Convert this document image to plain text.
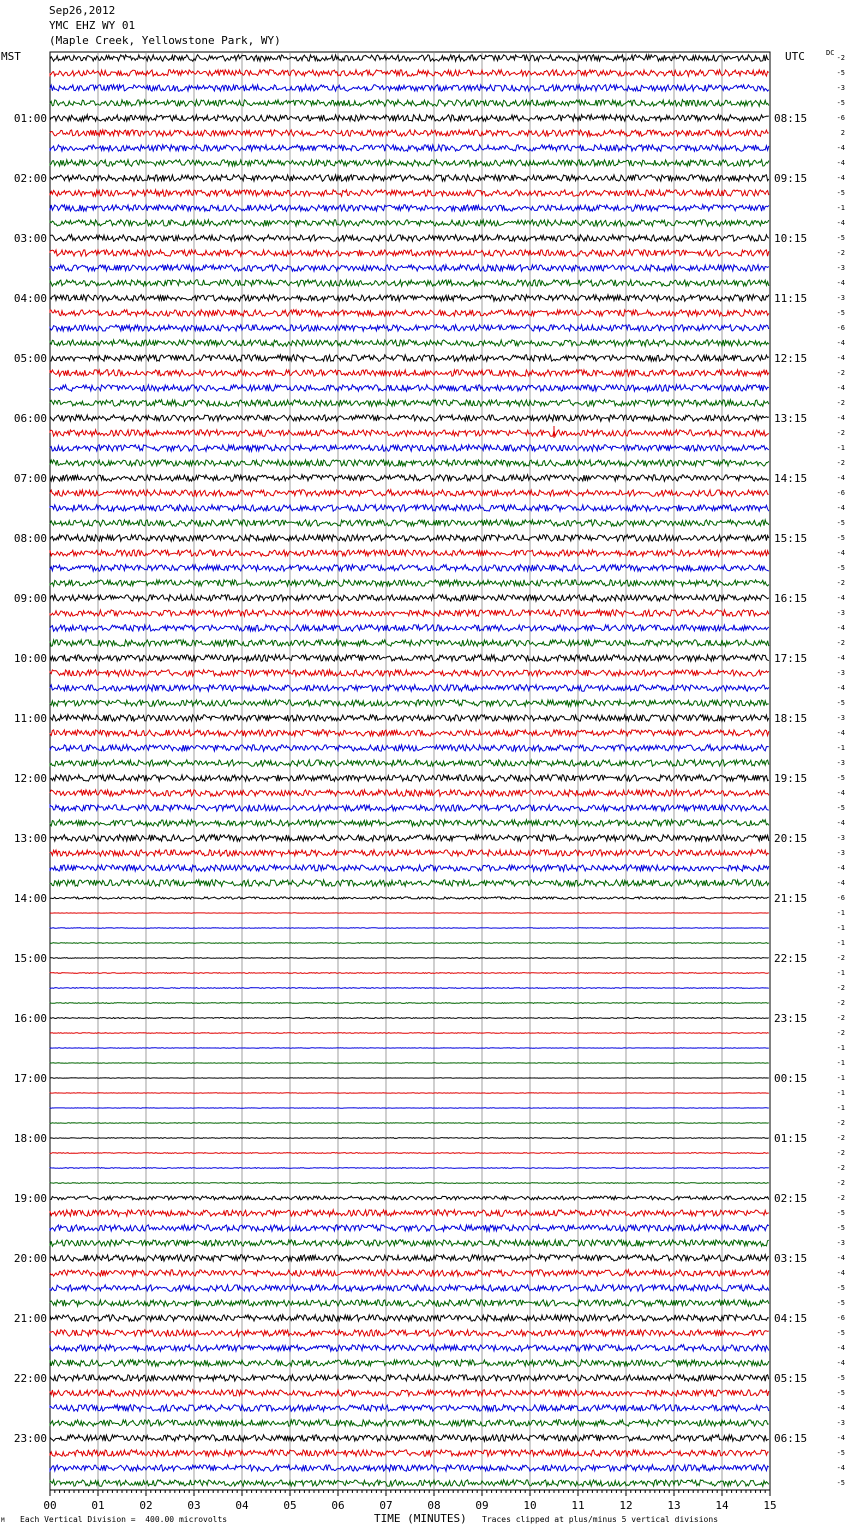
Sep26,2012
YMC EHZ WY 01
(Maple Creek, Yellowstone Park, WY)
MST	UTC	DC
01:00
02:00
03:00
04:00
05:00
06:00
07:00
08:00
09:00
10:00
11:00
12:00
13:00
14:00
15:00
16:00
17:00
18:00
19:00
20:00
21:00
22:00
23:00
08:15
09:15
10:15
11:15
12:15
13:15
14:15
15:15
16:15
17:15
18:15
19:15
20:15
21:15
22:15
23:15
00:15
01:15
02:15
03:15
04:15
05:15
06:15
-2
-5
-3
-5
-6
2
-4
-4
-4
-5
-1
-4
-5
-2
-3
-4
-3
-5
-6
-4
-4
-2
-4
-2
-4
-2
-1
-2
-4
-6
-4
-5
-5
-4
-5
-2
-4
-3
-4
-2
-4
-3
-4
-5
-3
-4
-1
-3
-5
-4
-5
-4
-3
-3
-4
-4
-6
-1
-1
-1
-2
-1
-2
-2
-2
-2
-1
-1
-1
-1
-1
-2
-2
-2
-2
-2
-2
-5
-5
-3
-4
-4
-5
-5
-6
-5
-4
-4
-5
-5
-4
-3
-4
-5
-4
-5
00	01	02	03	04	05	06	07	08	09	10	11	12	13	14	15
M Each Vertical Division =  400.00 microvolts	TIME (MINUTES) Traces clipped at plus/minus 5 vertical divisions
